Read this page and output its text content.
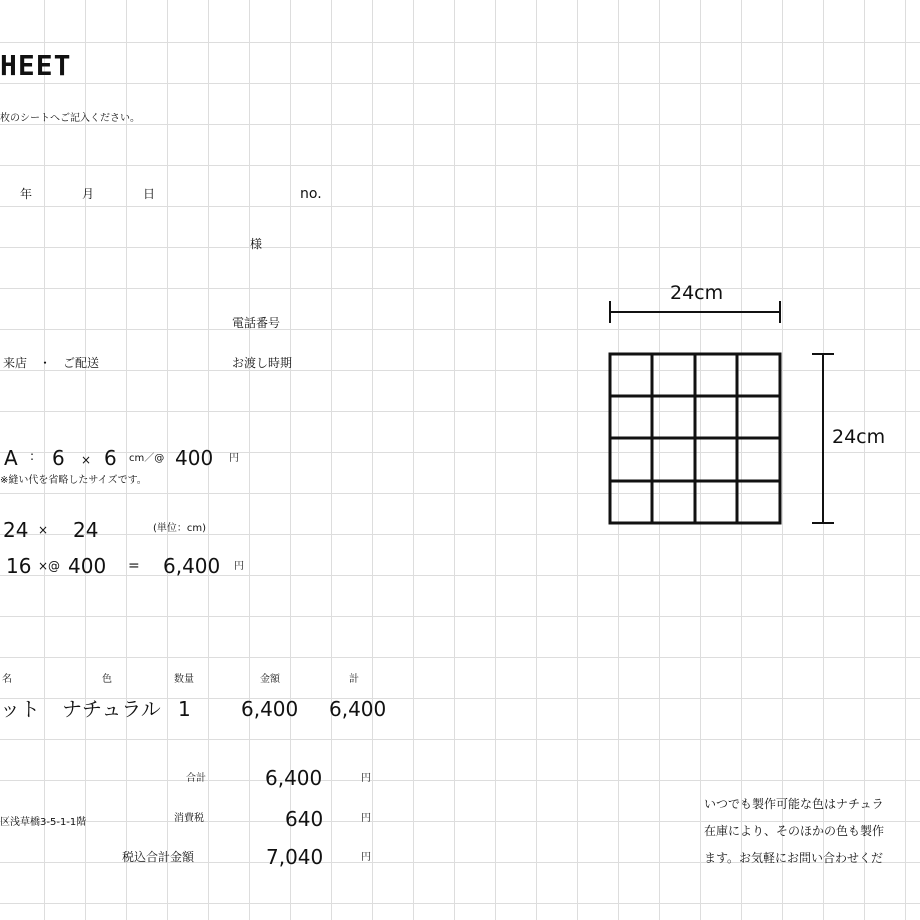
HEET
枚のシートへご記入ください。
年	月	日	no.
様
電話番号
来店　・　ご配送	お渡し時期
A : 6 × 6 cm／@ 400 円
※縫い代を省略したサイズです。
24 × 24	(単位：cm)
16 ×@ 400 = 6,400 円
名	色	数量	金額	計
ット ナチュラル 1	6,400 6,400
合計	6,400	円
区浅草橋3-5-1-1階	消費税	640	円
税込合計金額	7,040	円
24cm
24cm
いつでも製作可能な色はナチュラ
在庫により、そのほかの色も製作
ます。お気軽にお問い合わせくだ
